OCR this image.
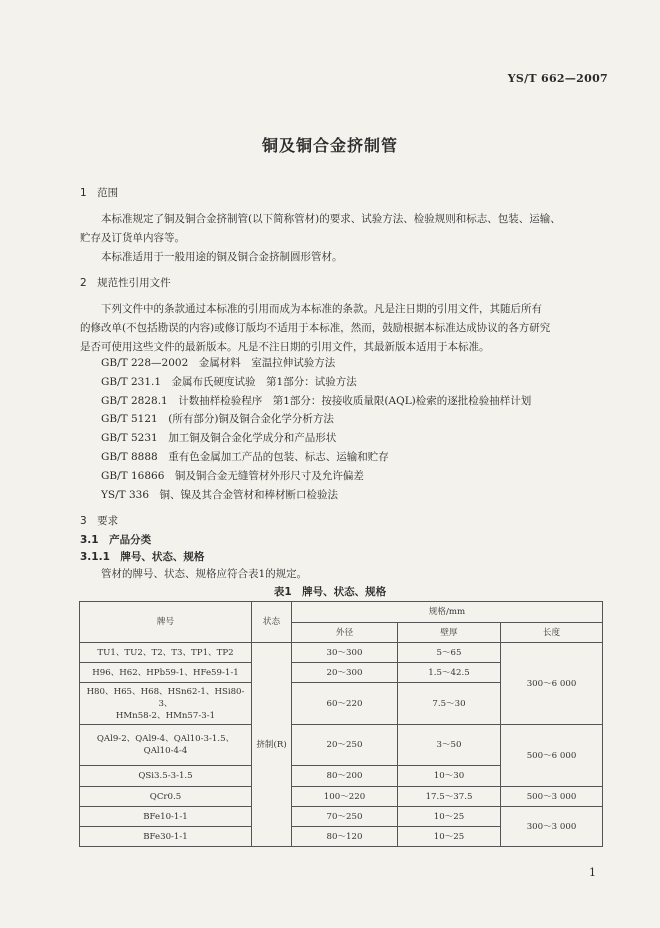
YS/T 662—2007
铜及铜合金挤制管
1　范围
本标准规定了铜及铜合金挤制管(以下简称管材)的要求、试验方法、检验规则和标志、包装、运输、
贮存及订货单内容等。
本标准适用于一般用途的铜及铜合金挤制圆形管材。
2　规范性引用文件
下列文件中的条款通过本标准的引用而成为本标准的条款。凡是注日期的引用文件，其随后所有
的修改单(不包括勘误的内容)或修订版均不适用于本标准，然而，鼓励根据本标准达成协议的各方研究
是否可使用这些文件的最新版本。凡是不注日期的引用文件，其最新版本适用于本标准。
GB/T 228—2002　 金属材料　室温拉伸试验方法
GB/T 231.1　 金属布氏硬度试验　第1部分：试验方法
GB/T 2828.1　 计数抽样检验程序　第1部分：按接收质量限(AQL)检索的逐批检验抽样计划
GB/T 5121　 (所有部分)铜及铜合金化学分析方法
GB/T 5231　 加工铜及铜合金化学成分和产品形状
GB/T 8888　 重有色金属加工产品的包装、标志、运输和贮存
GB/T 16866　 铜及铜合金无缝管材外形尺寸及允许偏差
YS/T 336　 铜、镍及其合金管材和棒材断口检验法
3　要求
3.1　产品分类
3.1.1　牌号、状态、规格
管材的牌号、状态、规格应符合表1的规定。
表1　牌号、状态、规格
牌号	状态	规格/mm		
		外径	壁厚	长度
TU1、TU2、T2、T3、TP1、TP2	挤制(R)	30～300	5～65	300～6 000
H96、H62、HPb59-1、HFe59-1-1		20～300	1.5～42.5	
H80、H65、H68、HSn62-1、HSi80-3、
HMn58-2、HMn57-3-1		60～220	7.5～30	
QAl9-2、QAl9-4、QAl10-3-1.5、
QAl10-4-4		20～250	3～50	500～6 000
QSi3.5-3-1.5		80～200	10～30	
QCr0.5		100～220	17.5～37.5	500～3 000
BFe10-1-1		70～250	10～25	300～3 000
BFe30-1-1		80～120	10～25	
1
